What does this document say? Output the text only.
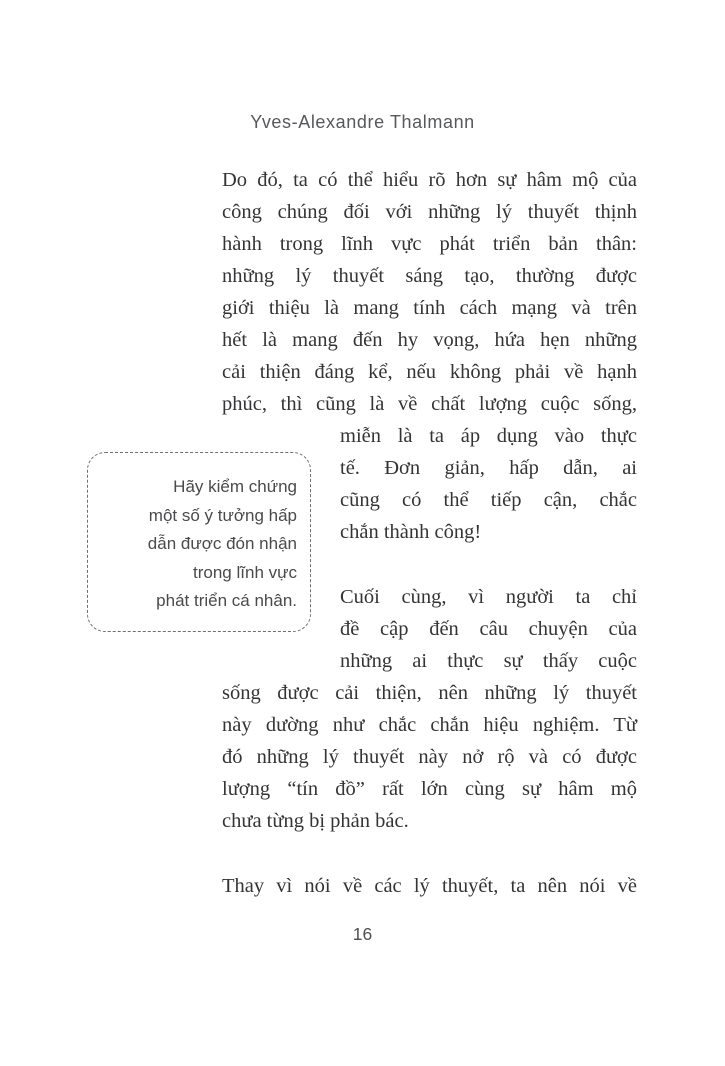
Yves-Alexandre Thalmann
Hãy kiểm chứng
một số ý tưởng hấp
dẫn được đón nhận
trong lĩnh vực
phát triển cá nhân.
Do đó, ta có thể hiểu rõ hơn sự hâm mộ của
công chúng đối với những lý thuyết thịnh
hành trong lĩnh vực phát triển bản thân:
những lý thuyết sáng tạo, thường được
giới thiệu là mang tính cách mạng và trên
hết là mang đến hy vọng, hứa hẹn những
cải thiện đáng kể, nếu không phải về hạnh
phúc, thì cũng là về chất lượng cuộc sống,
miễn là ta áp dụng vào thực
tế. Đơn giản, hấp dẫn, ai
cũng có thể tiếp cận, chắc
chắn thành công!
Cuối cùng, vì người ta chỉ
đề cập đến câu chuyện của
những ai thực sự thấy cuộc
sống được cải thiện, nên những lý thuyết
này dường như chắc chắn hiệu nghiệm. Từ
đó những lý thuyết này nở rộ và có được
lượng “tín đồ” rất lớn cùng sự hâm mộ
chưa từng bị phản bác.
Thay vì nói về các lý thuyết, ta nên nói về
16
